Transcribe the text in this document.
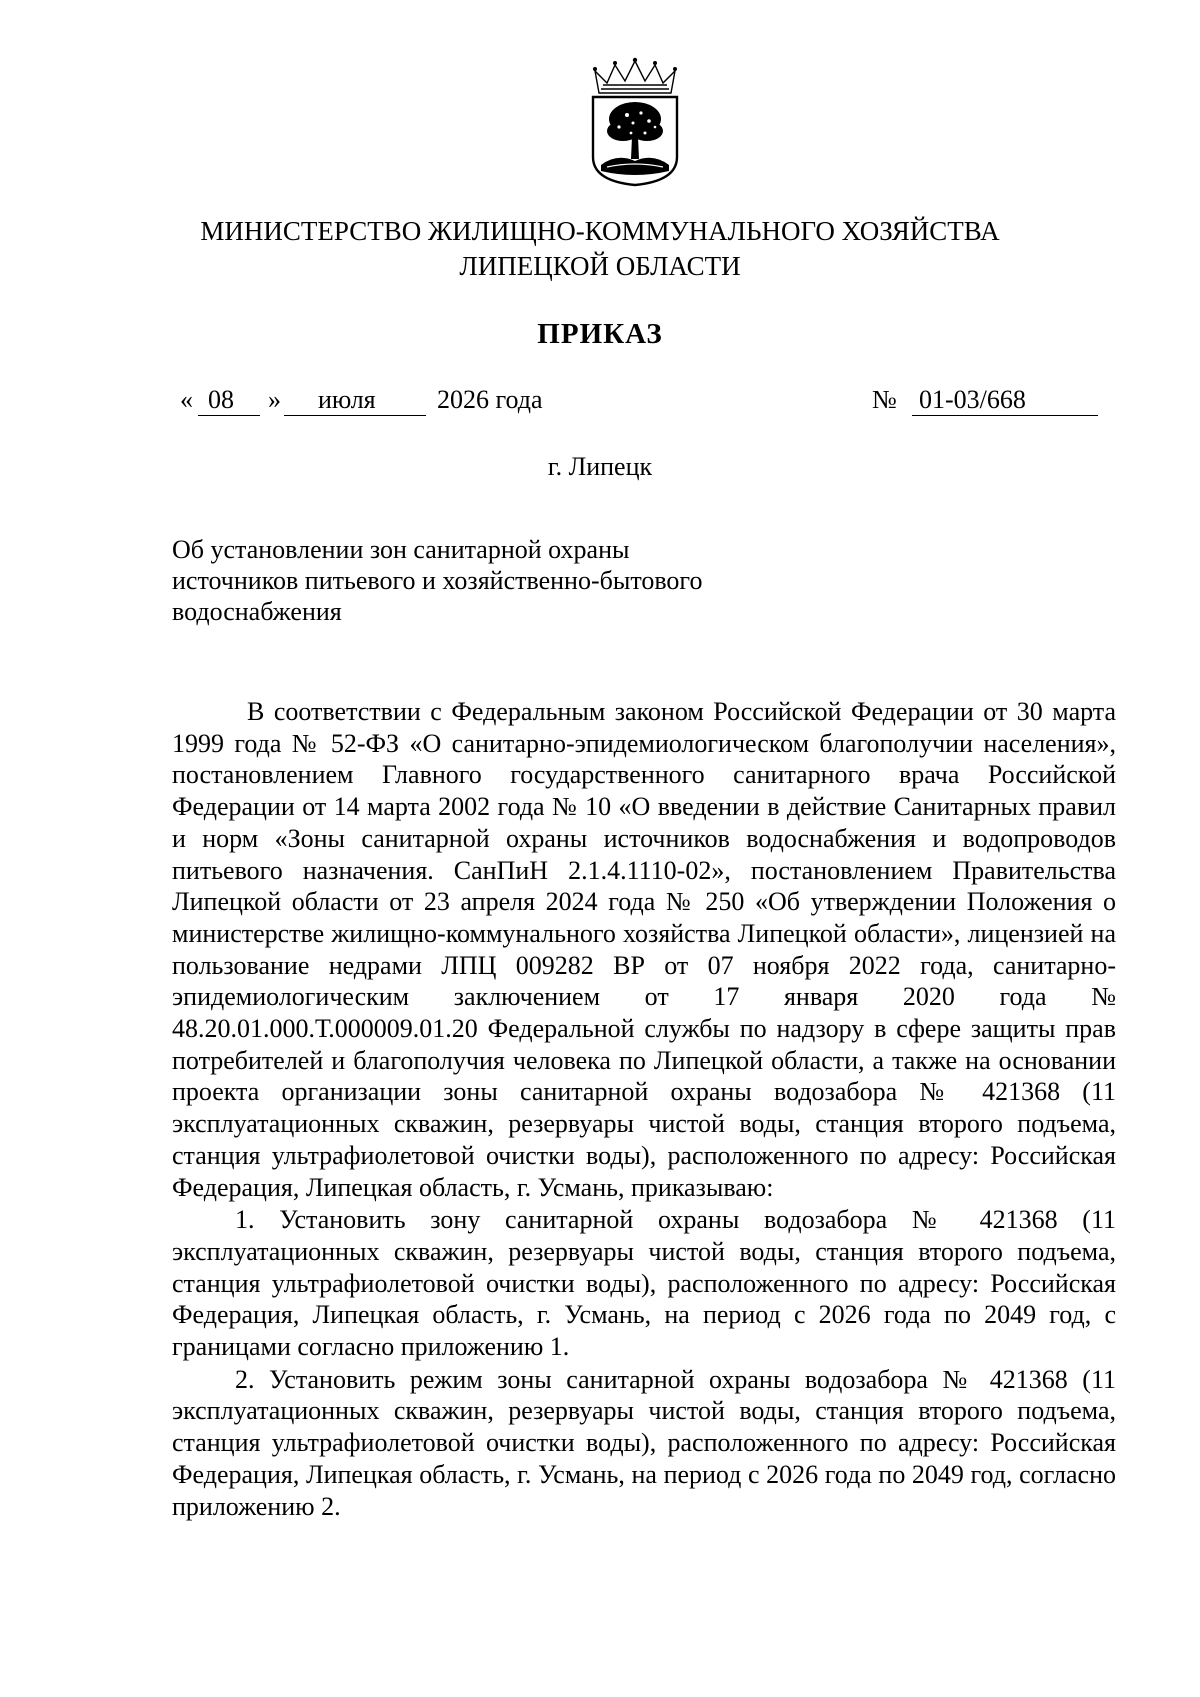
МИНИСТЕРСТВО ЖИЛИЩНО-КОММУНАЛЬНОГО ХОЗЯЙСТВА
ЛИПЕЦКОЙ ОБЛАСТИ
ПРИКАЗ
« 08 » июля 2026 года	№ 01-03/668
г. Липецк
Об установлении зон санитарной охраны
источников питьевого и хозяйственно-бытового
водоснабжения

В соответствии с Федеральным законом Российской Федерации от 30 марта 1999 года № 52-ФЗ «О санитарно-эпидемиологическом благополучии населения», постановлением Главного государственного санитарного врача Российской Федерации от 14 марта 2002 года № 10 «О введении в действие Санитарных правил и норм «Зоны санитарной охраны источников водоснабжения и водопроводов питьевого назначения. СанПиН 2.1.4.1110-02», постановлением Правительства Липецкой области от 23 апреля 2024 года № 250 «Об утверждении Положения о министерстве жилищно-коммунального хозяйства Липецкой области», лицензией на пользование недрами ЛПЦ 009282 ВР от 07 ноября 2022 года, санитарно-эпидемиологическим заключением от 17 января 2020 года № 48.20.01.000.Т.000009.01.20 Федеральной службы по надзору в сфере защиты прав потребителей и благополучия человека по Липецкой области, а также на основании проекта организации зоны санитарной охраны водозабора № 421368 (11 эксплуатационных скважин, резервуары чистой воды, станция второго подъема, станция ультрафиолетовой очистки воды), расположенного по адресу: Российская Федерация, Липецкая область, г. Усмань, приказываю:

1. Установить зону санитарной охраны водозабора № 421368 (11 эксплуатационных скважин, резервуары чистой воды, станция второго подъема, станция ультрафиолетовой очистки воды), расположенного по адресу: Российская Федерация, Липецкая область, г. Усмань, на период с 2026 года по 2049 год, с границами согласно приложению 1.

2. Установить режим зоны санитарной охраны водозабора № 421368 (11 эксплуатационных скважин, резервуары чистой воды, станция второго подъема, станция ультрафиолетовой очистки воды), расположенного по адресу: Российская Федерация, Липецкая область, г. Усмань, на период с 2026 года по 2049 год, согласно приложению 2.
